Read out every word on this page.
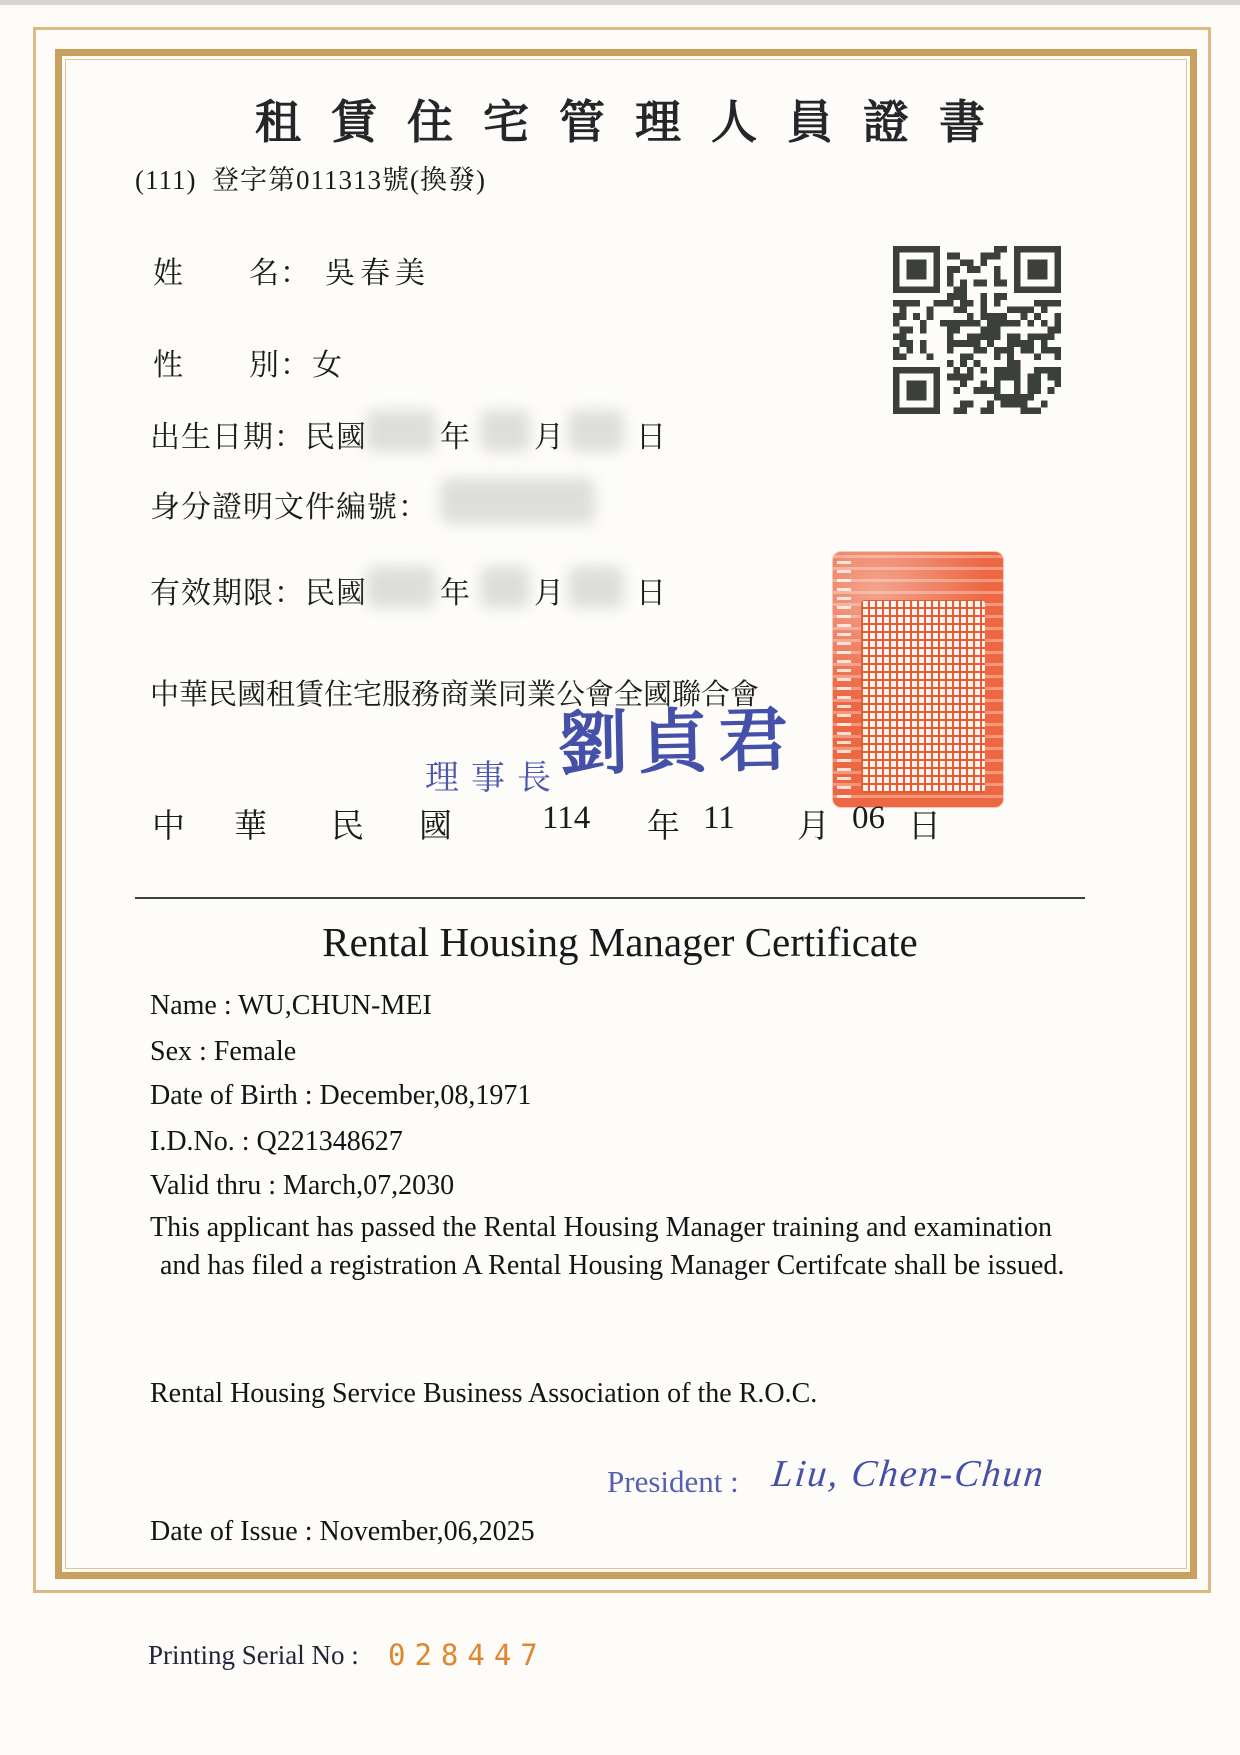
租賃住宅管理人員證書
(111)  登字第011313號(換發)
姓 名： 吳春美
性 別： 女
出生日期：民國 年 月 日
身分證明文件編號：
有效期限：民國 年 月 日
中華民國租賃住宅服務商業同業公會全國聯合會
理事長
劉貞君
中 華 民 國	114 年 11 月 06 日
Rental Housing Manager Certificate
Name : WU,CHUN-MEI
Sex : Female
Date of Birth : December,08,1971
I.D.No. : Q221348627
Valid thru : March,07,2030
This applicant has passed the Rental Housing Manager training and examination
and has filed a registration A Rental Housing Manager Certifcate shall be issued.
Rental Housing Service Business Association of the R.O.C.
President : Liu, Chen-Chun
Date of Issue : November,06,2025
Printing Serial No : 028447
